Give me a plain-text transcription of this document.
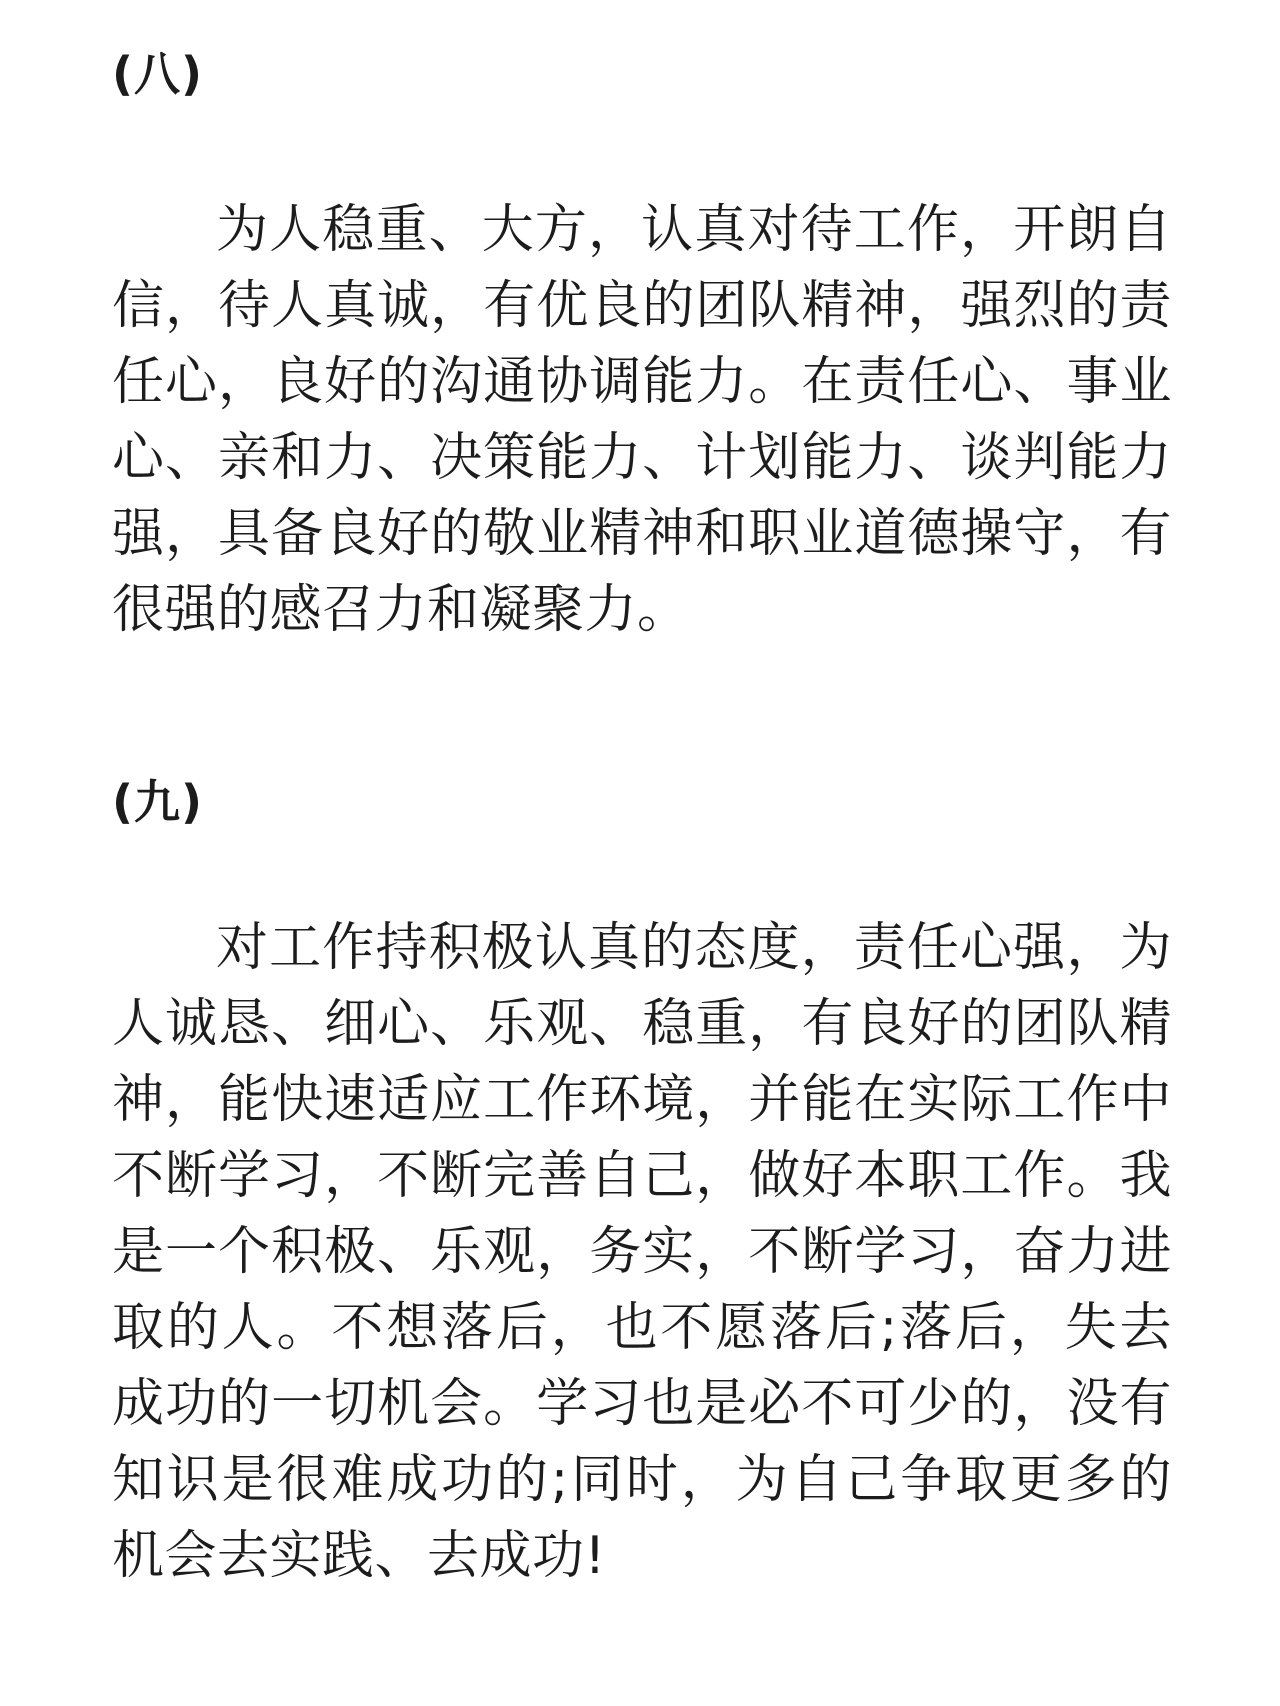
(八)

为人稳重、大方，认真对待工作，开朗自信，待人真诚，有优良的团队精神，强烈的责任心，良好的沟通协调能力。在责任心、事业心、亲和力、决策能力、计划能力、谈判能力强，具备良好的敬业精神和职业道德操守，有很强的感召力和凝聚力。

(九)

对工作持积极认真的态度，责任心强，为人诚恳、细心、乐观、稳重，有良好的团队精神，能快速适应工作环境，并能在实际工作中不断学习，不断完善自己，做好本职工作。我是一个积极、乐观，务实，不断学习，奋力进取的人。不想落后，也不愿落后;落后，失去成功的一切机会。学习也是必不可少的，没有知识是很难成功的;同时，为自己争取更多的机会去实践、去成功!
